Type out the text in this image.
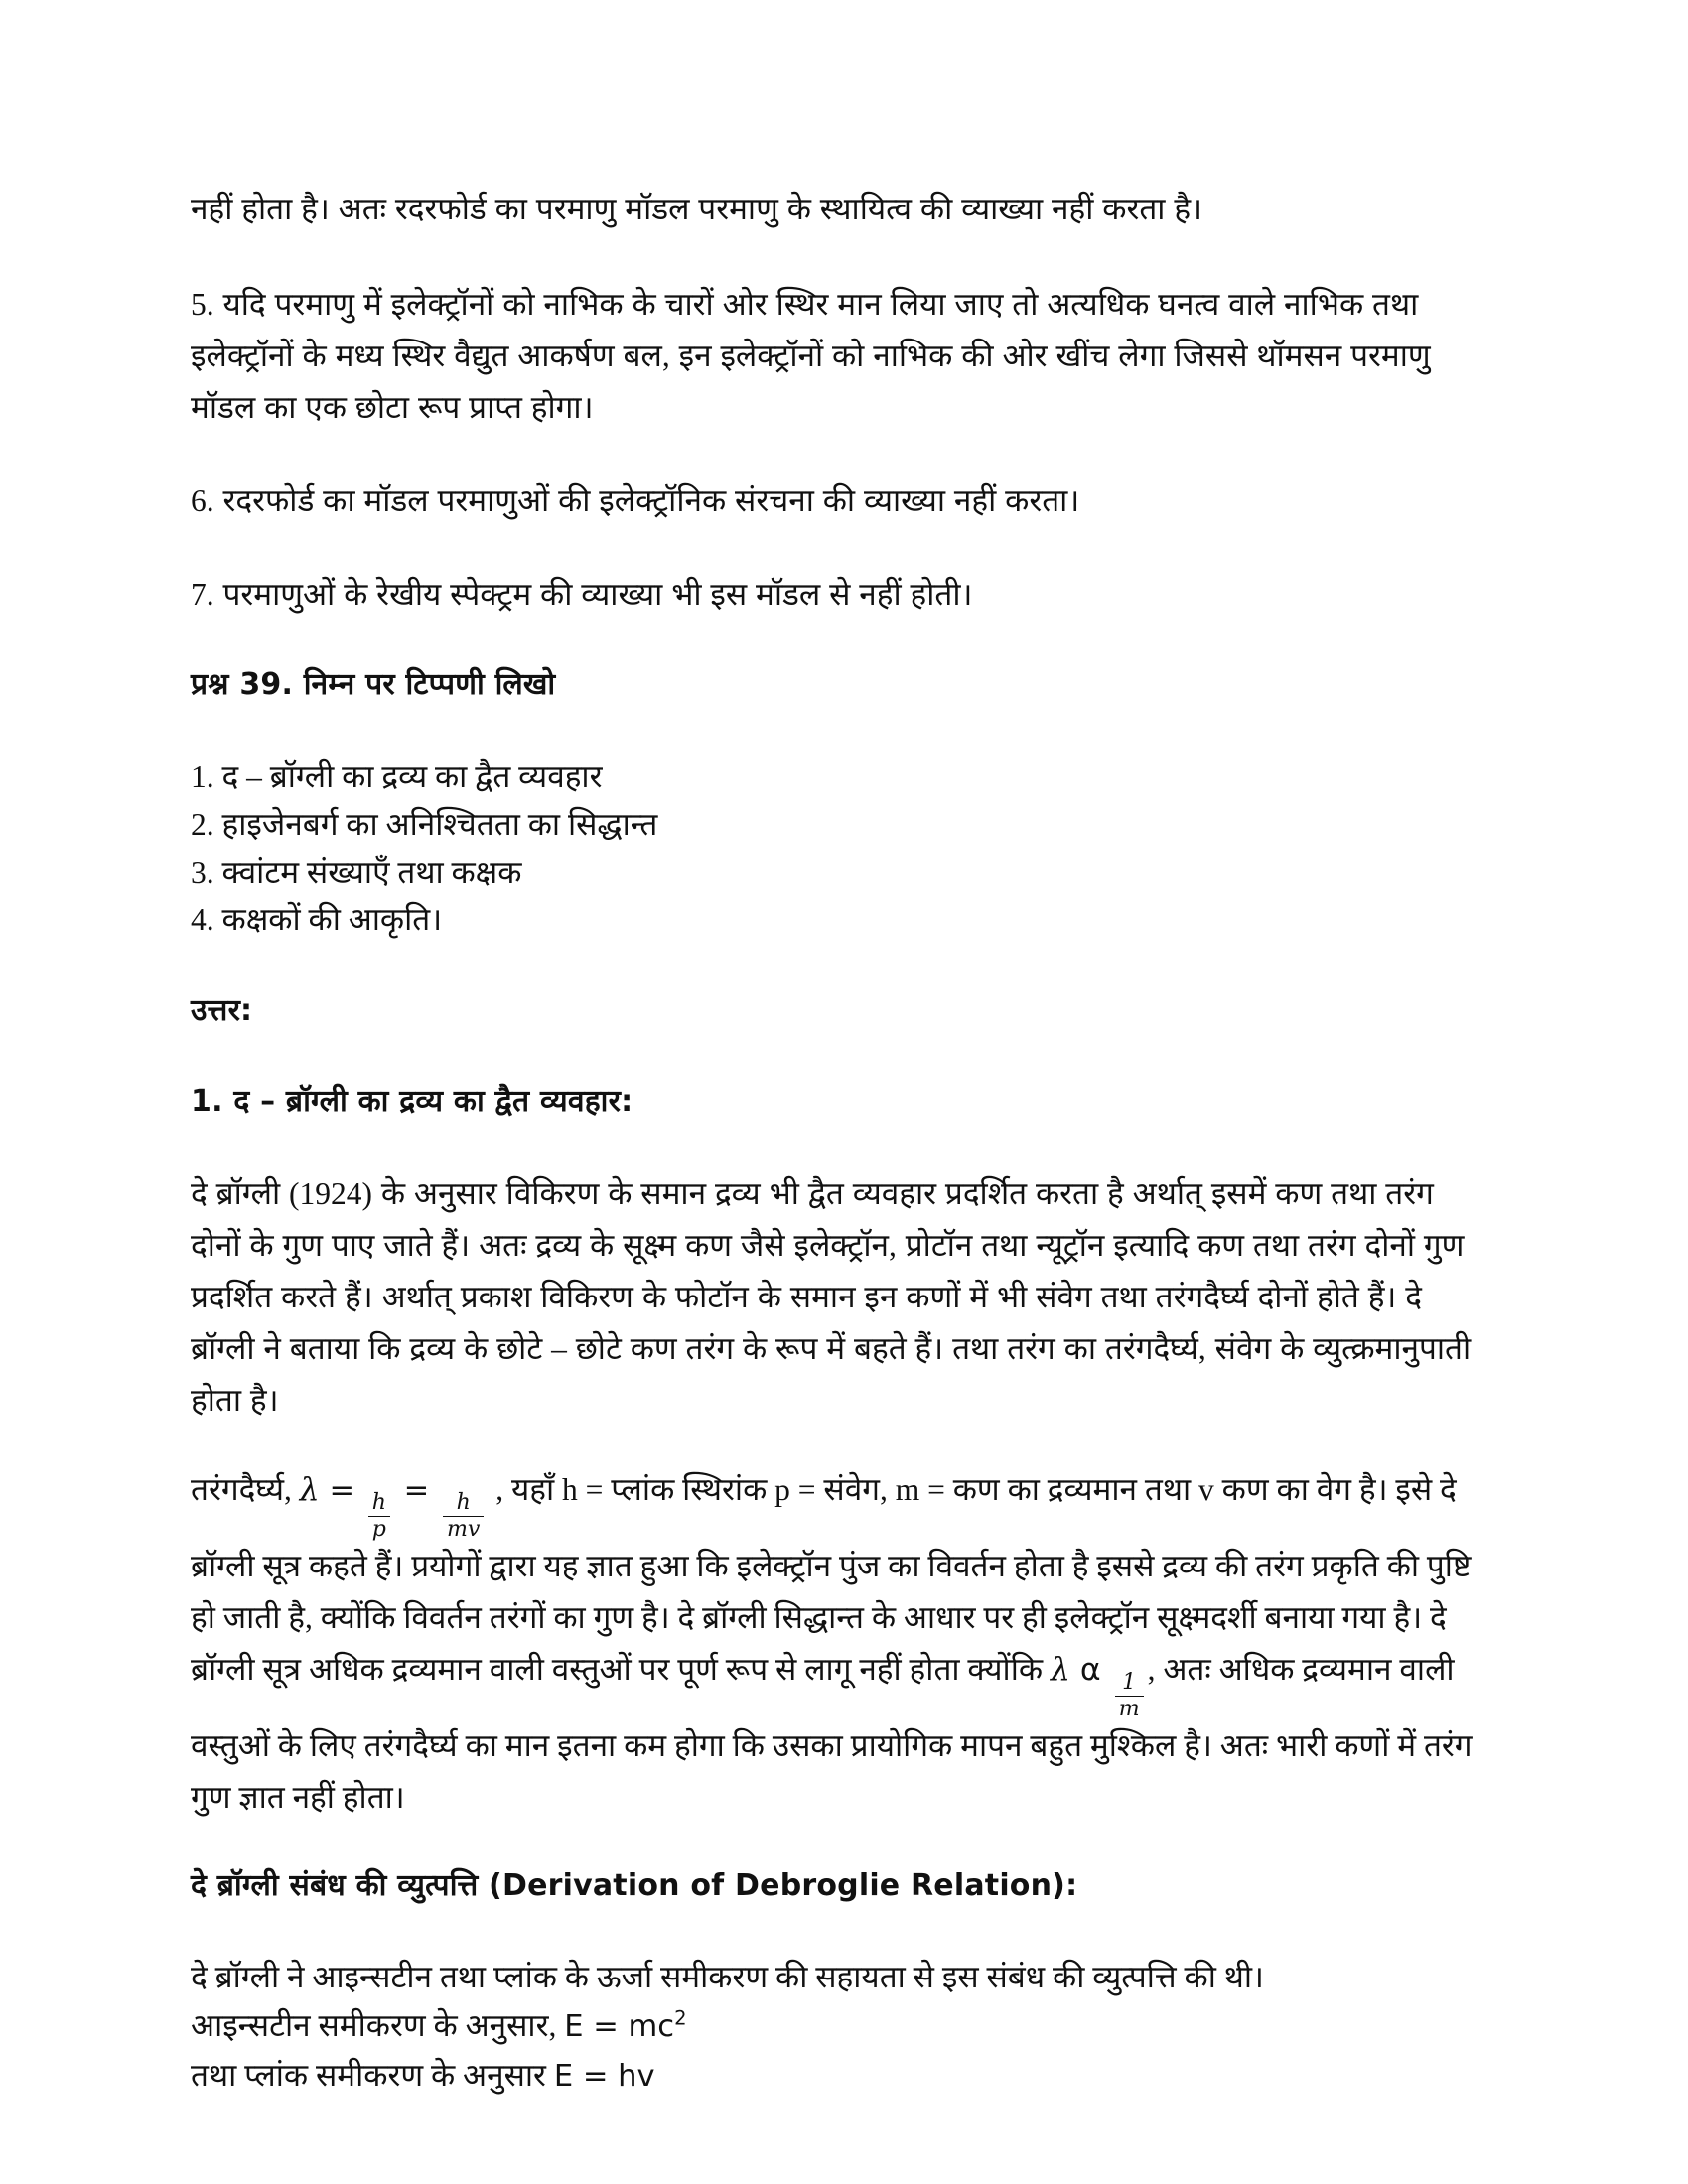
नहीं होता है। अतः रदरफोर्ड का परमाणु मॉडल परमाणु के स्थायित्व की व्याख्या नहीं करता है।

5. यदि परमाणु में इलेक्ट्रॉनों को नाभिक के चारों ओर स्थिर मान लिया जाए तो अत्यधिक घनत्व वाले नाभिक तथा इलेक्ट्रॉनों के मध्य स्थिर वैद्युत आकर्षण बल, इन इलेक्ट्रॉनों को नाभिक की ओर खींच लेगा जिससे थॉमसन परमाणु मॉडल का एक छोटा रूप प्राप्त होगा।

6. रदरफोर्ड का मॉडल परमाणुओं की इलेक्ट्रॉनिक संरचना की व्याख्या नहीं करता।

7. परमाणुओं के रेखीय स्पेक्ट्रम की व्याख्या भी इस मॉडल से नहीं होती।

प्रश्न 39. निम्न पर टिप्पणी लिखो
1. द – ब्रॉग्ली का द्रव्य का द्वैत व्यवहार
2. हाइजेनबर्ग का अनिश्चितता का सिद्धान्त
3. क्वांटम संख्याएँ तथा कक्षक
4. कक्षकों की आकृति।
उत्तर:
1. द – ब्रॉग्ली का द्रव्य का द्वैत व्यवहार:

दे ब्रॉग्ली (1924) के अनुसार विकिरण के समान द्रव्य भी द्वैत व्यवहार प्रदर्शित करता है अर्थात् इसमें कण तथा तरंग दोनों के गुण पाए जाते हैं। अतः द्रव्य के सूक्ष्म कण जैसे इलेक्ट्रॉन, प्रोटॉन तथा न्यूट्रॉन इत्यादि कण तथा तरंग दोनों गुण प्रदर्शित करते हैं। अर्थात् प्रकाश विकिरण के फोटॉन के समान इन कणों में भी संवेग तथा तरंगदैर्घ्य दोनों होते हैं। दे ब्रॉग्ली ने बताया कि द्रव्य के छोटे – छोटे कण तरंग के रूप में बहते हैं। तथा तरंग का तरंगदैर्घ्य, संवेग के व्युत्क्रमानुपाती होता है।

तरंगदैर्घ्य, λ =
$\frac{h}{p}$
=
$\frac{h}{mv}$
, यहाँ h = प्लांक स्थिरांक p = संवेग, m = कण का द्रव्यमान तथा v कण का वेग है। इसे दे ब्रॉग्ली सूत्र कहते हैं। प्रयोगों द्वारा यह ज्ञात हुआ कि इलेक्ट्रॉन पुंज का विवर्तन होता है इससे द्रव्य की तरंग प्रकृति की पुष्टि हो जाती है, क्योंकि विवर्तन तरंगों का गुण है। दे ब्रॉग्ली सिद्धान्त के आधार पर ही इलेक्ट्रॉन सूक्ष्मदर्शी बनाया गया है। दे ब्रॉग्ली सूत्र अधिक द्रव्यमान वाली वस्तुओं पर पूर्ण रूप से लागू नहीं होता क्योंकि λ α
$\frac{1}{m}$
, अतः अधिक द्रव्यमान वाली वस्तुओं के लिए तरंगदैर्घ्य का मान इतना कम होगा कि उसका प्रायोगिक मापन बहुत मुश्किल है। अतः भारी कणों में तरंग गुण ज्ञात नहीं होता।

दे ब्रॉग्ली संबंध की व्युत्पत्ति (Derivation of Debroglie Relation):
दे ब्रॉग्ली ने आइन्सटीन तथा प्लांक के ऊर्जा समीकरण की सहायता से इस संबंध की व्युत्पत्ति की थी।
आइन्सटीन समीकरण के अनुसार, $E = mc^2$
तथा प्लांक समीकरण के अनुसार E = hv
